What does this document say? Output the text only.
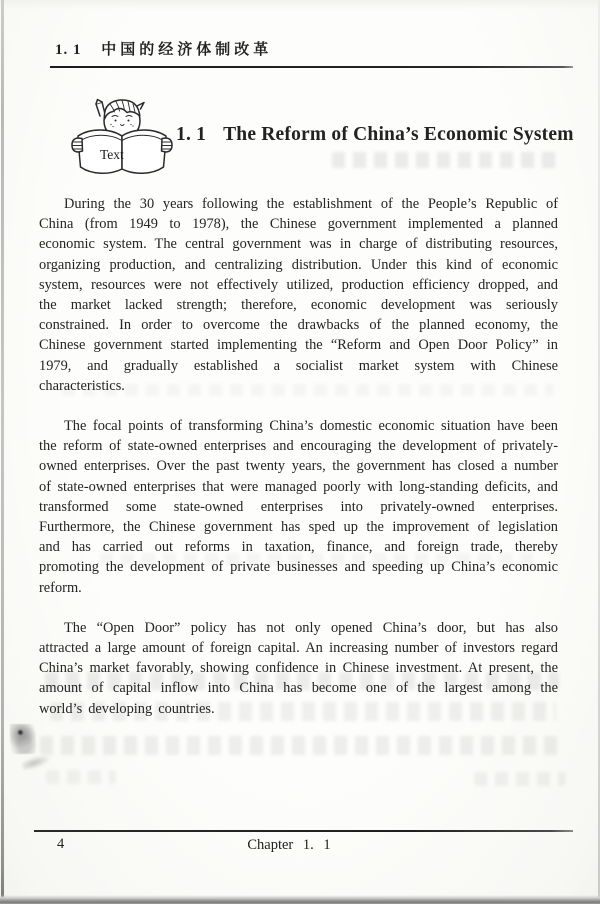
1. 1 中国的经济体制改革
Text
1. 1 The Reform of China’s Economic System

During the 30 years following the establishment of the People’s Republic of China (from 1949 to 1978), the Chinese government implemented a planned economic system. The central government was in charge of distributing resources, organizing production, and centralizing distribution. Under this kind of economic system, resources were not effectively utilized, production efficiency dropped, and the market lacked strength; therefore, economic development was seriously constrained. In order to overcome the drawbacks of the planned economy, the Chinese government started implementing the “Reform and Open Door Policy” in 1979, and gradually established a socialist market system with Chinese characteristics.

The focal points of transforming China’s domestic economic situation have been the reform of state-owned enterprises and encouraging the development of privately-owned enterprises. Over the past twenty years, the government has closed a number of state-owned enterprises that were managed poorly with long-standing deficits, and transformed some state-owned enterprises into privately-owned enterprises. Furthermore, the Chinese government has sped up the improvement of legislation and has carried out reforms in taxation, finance, and foreign trade, thereby promoting the development of private businesses and speeding up China’s economic reform.

The “Open Door” policy has not only opened China’s door, but has also attracted a large amount of foreign capital. An increasing number of investors regard China’s market favorably, showing confidence in Chinese investment. At present, the amount of capital inflow into China has become one of the largest among the world’s developing countries.

4	Chapter 1. 1
